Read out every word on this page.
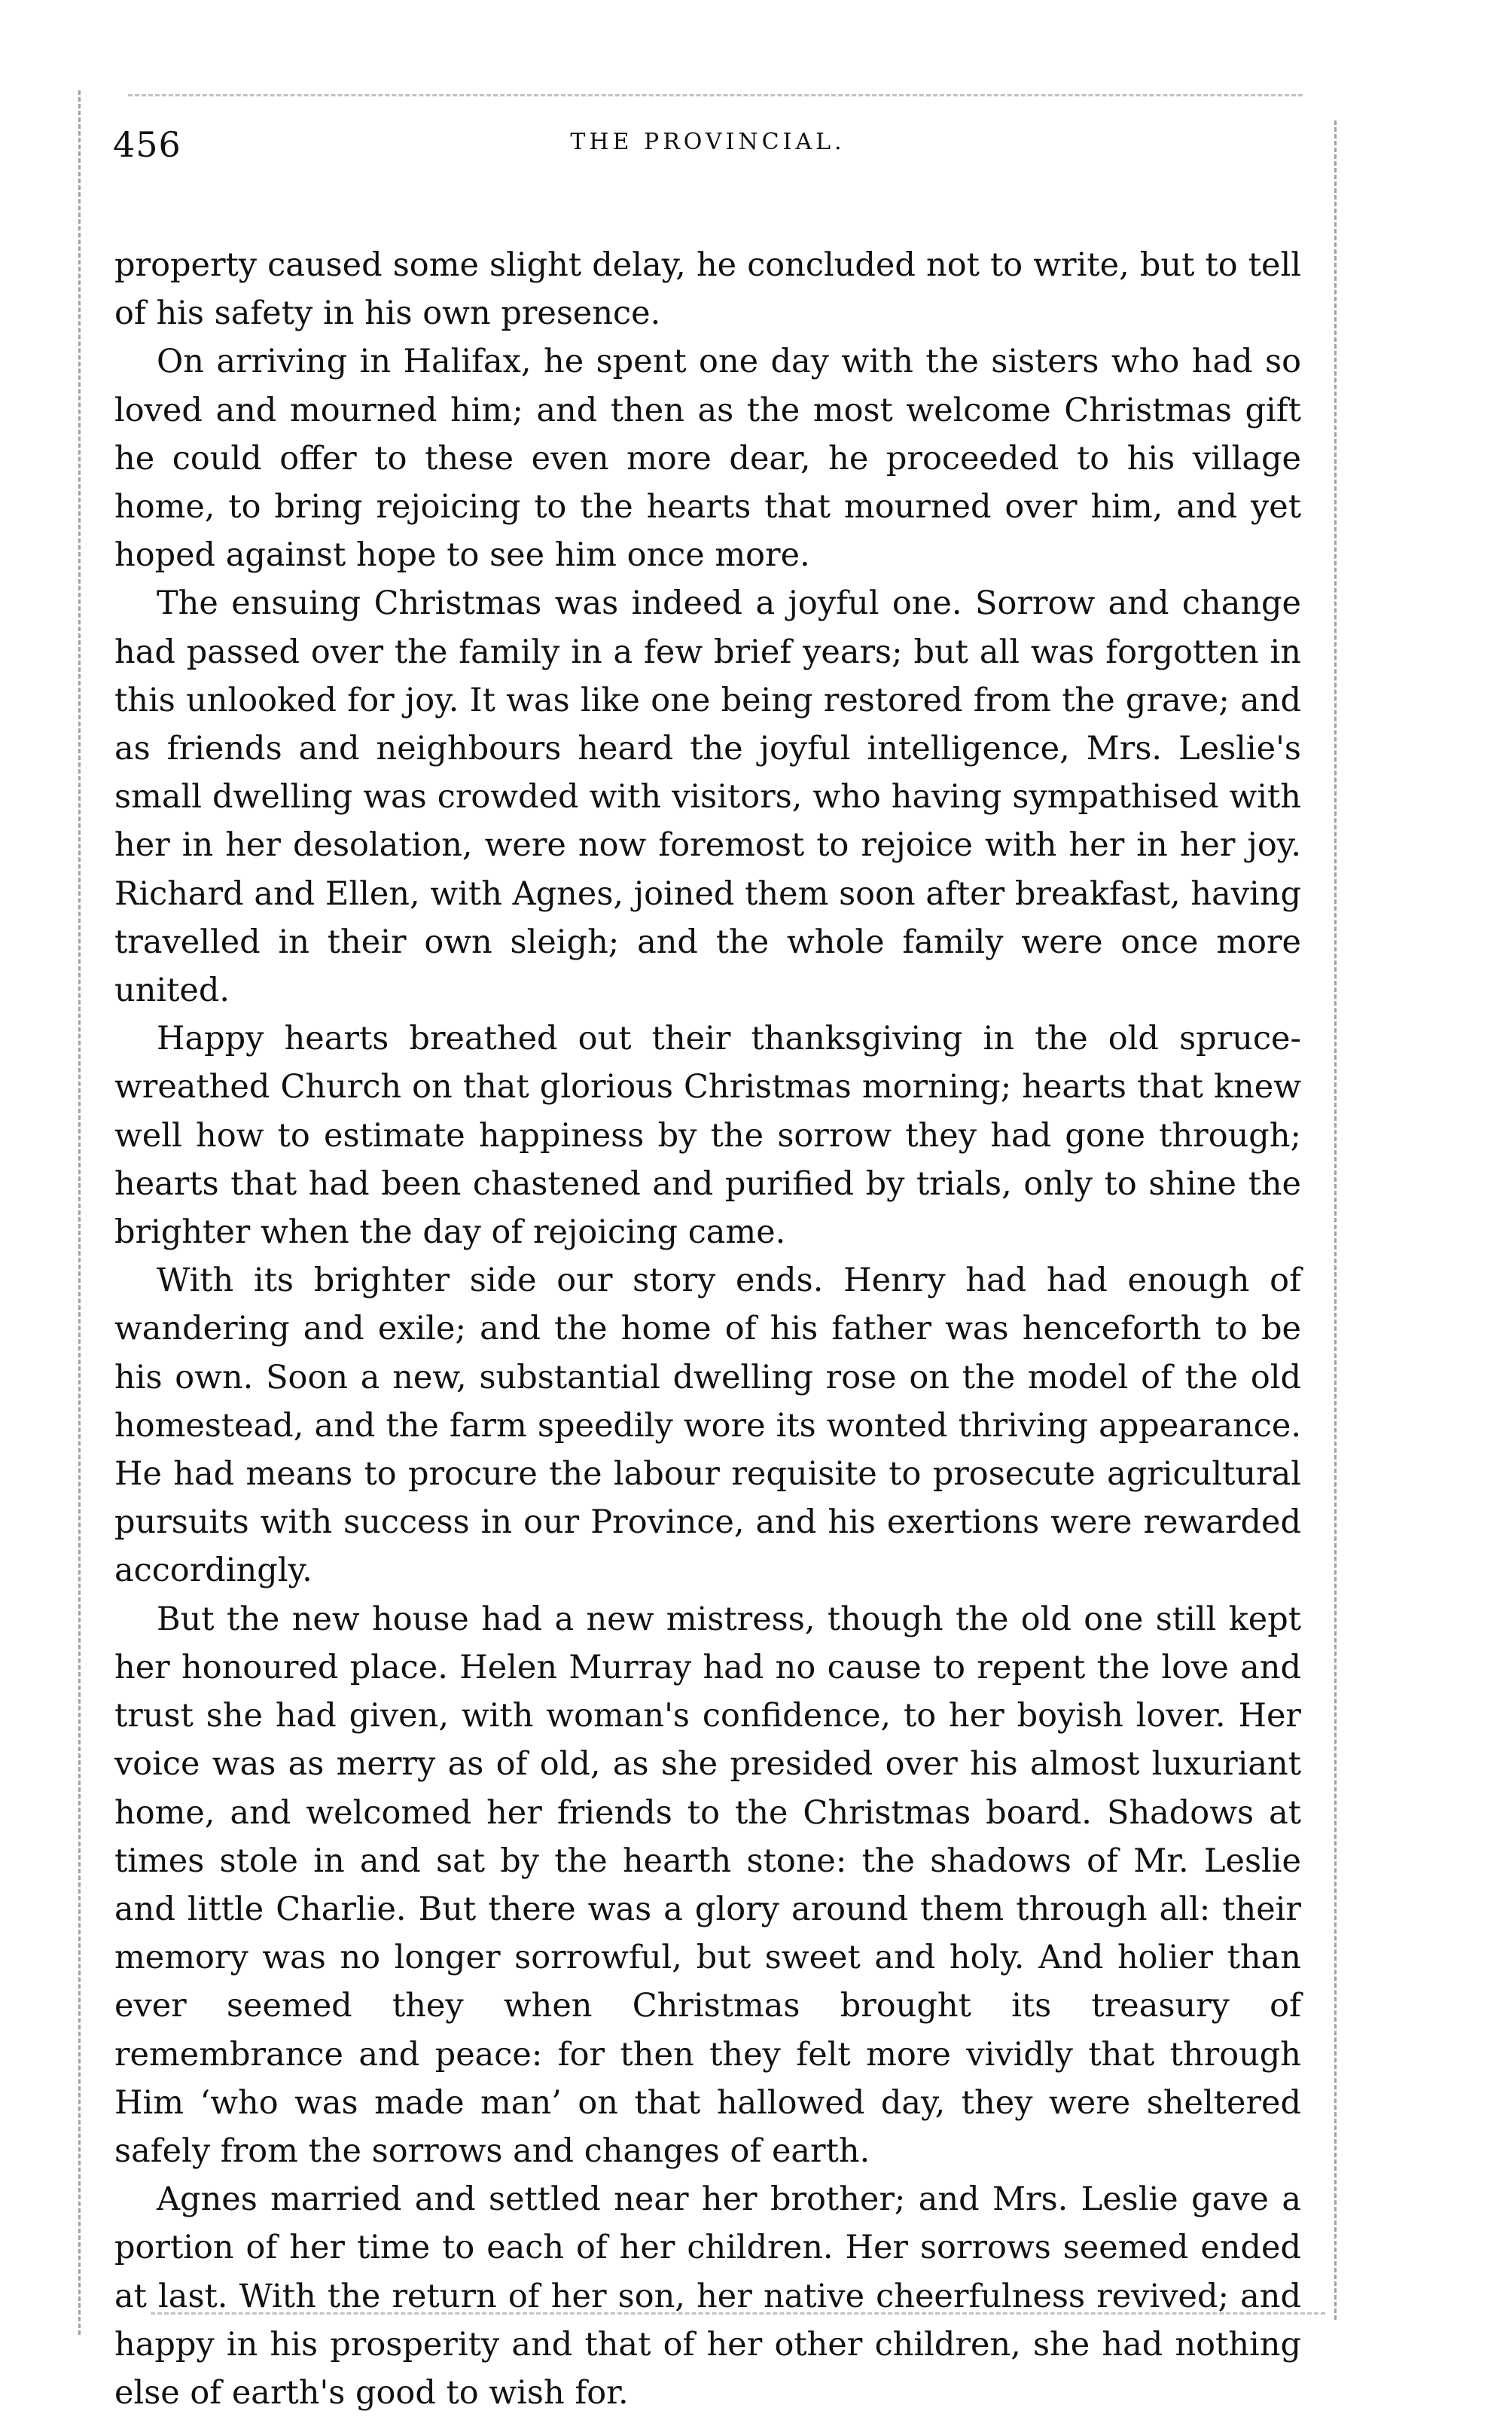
456	THE PROVINCIAL.

property caused some slight delay, he concluded not to write, but to tell of his safety in his own presence.

On arriving in Halifax, he spent one day with the sisters who had so loved and mourned him; and then as the most welcome Christmas gift he could offer to these even more dear, he proceeded to his village home, to bring rejoicing to the hearts that mourned over him, and yet hoped against hope to see him once more.

The ensuing Christmas was indeed a joyful one. Sorrow and change had passed over the family in a few brief years; but all was forgotten in this unlooked for joy. It was like one being restored from the grave; and as friends and neighbours heard the joyful intelligence, Mrs. Leslie's small dwelling was crowded with visitors, who having sympathised with her in her desolation, were now foremost to rejoice with her in her joy. Richard and Ellen, with Agnes, joined them soon after breakfast, having travelled in their own sleigh; and the whole family were once more united.

Happy hearts breathed out their thanksgiving in the old spruce-wreathed Church on that glorious Christmas morning; hearts that knew well how to estimate happiness by the sorrow they had gone through; hearts that had been chastened and purified by trials, only to shine the brighter when the day of rejoicing came.

With its brighter side our story ends. Henry had had enough of wandering and exile; and the home of his father was henceforth to be his own. Soon a new, substantial dwelling rose on the model of the old homestead, and the farm speedily wore its wonted thriving appearance. He had means to procure the labour requisite to prosecute agricultural pursuits with success in our Province, and his exertions were rewarded accordingly.

But the new house had a new mistress, though the old one still kept her honoured place. Helen Murray had no cause to repent the love and trust she had given, with woman's confidence, to her boyish lover. Her voice was as merry as of old, as she presided over his almost luxuriant home, and welcomed her friends to the Christmas board. Shadows at times stole in and sat by the hearth stone: the shadows of Mr. Leslie and little Charlie. But there was a glory around them through all: their memory was no longer sorrowful, but sweet and holy. And holier than ever seemed they when Christmas brought its treasury of remembrance and peace: for then they felt more vividly that through Him ‘who was made man’ on that hallowed day, they were sheltered safely from the sorrows and changes of earth.

Agnes married and settled near her brother; and Mrs. Leslie gave a portion of her time to each of her children. Her sorrows seemed ended at last. With the return of her son, her native cheerfulness revived; and happy in his prosperity and that of her other children, she had nothing else of earth's good to wish for.
